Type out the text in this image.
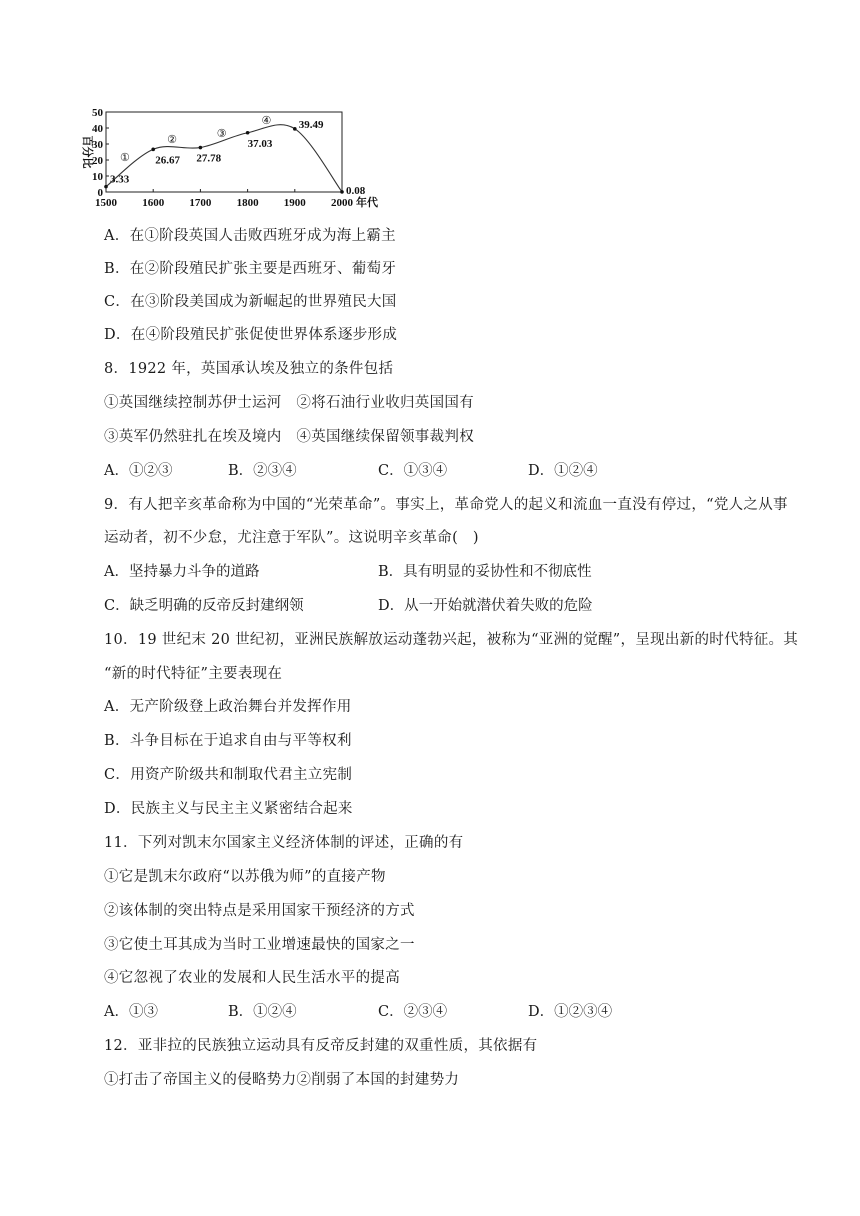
0
10
20
30
40
50
1500 1600 1700 1800 1900 2000 年代
百分比
3.33
26.67 27.78
37.03
39.49
0.08
①
②
③
④
A．在①阶段英国人击败西班牙成为海上霸主
B．在②阶段殖民扩张主要是西班牙、葡萄牙
C．在③阶段美国成为新崛起的世界殖民大国
D．在④阶段殖民扩张促使世界体系逐步形成
8．1922 年，英国承认埃及独立的条件包括
①英国继续控制苏伊士运河　②将石油行业收归英国国有
③英军仍然驻扎在埃及境内　④英国继续保留领事裁判权
A．①②③	B．②③④	C．①③④	D．①②④
9．有人把辛亥革命称为中国的“光荣革命”。事实上，革命党人的起义和流血一直没有停过，“党人之从事
运动者，初不少怠，尤注意于军队”。这说明辛亥革命(　)
A．坚持暴力斗争的道路	B．具有明显的妥协性和不彻底性
C．缺乏明确的反帝反封建纲领	D．从一开始就潜伏着失败的危险
10．19 世纪末 20 世纪初，亚洲民族解放运动蓬勃兴起，被称为“亚洲的觉醒”，呈现出新的时代特征。其
“新的时代特征”主要表现在
A．无产阶级登上政治舞台并发挥作用
B．斗争目标在于追求自由与平等权利
C．用资产阶级共和制取代君主立宪制
D．民族主义与民主主义紧密结合起来
11．下列对凯末尔国家主义经济体制的评述，正确的有
①它是凯末尔政府“以苏俄为师”的直接产物
②该体制的突出特点是采用国家干预经济的方式
③它使土耳其成为当时工业增速最快的国家之一
④它忽视了农业的发展和人民生活水平的提高
A．①③	B．①②④	C．②③④	D．①②③④
12．亚非拉的民族独立运动具有反帝反封建的双重性质，其依据有
①打击了帝国主义的侵略势力②削弱了本国的封建势力
